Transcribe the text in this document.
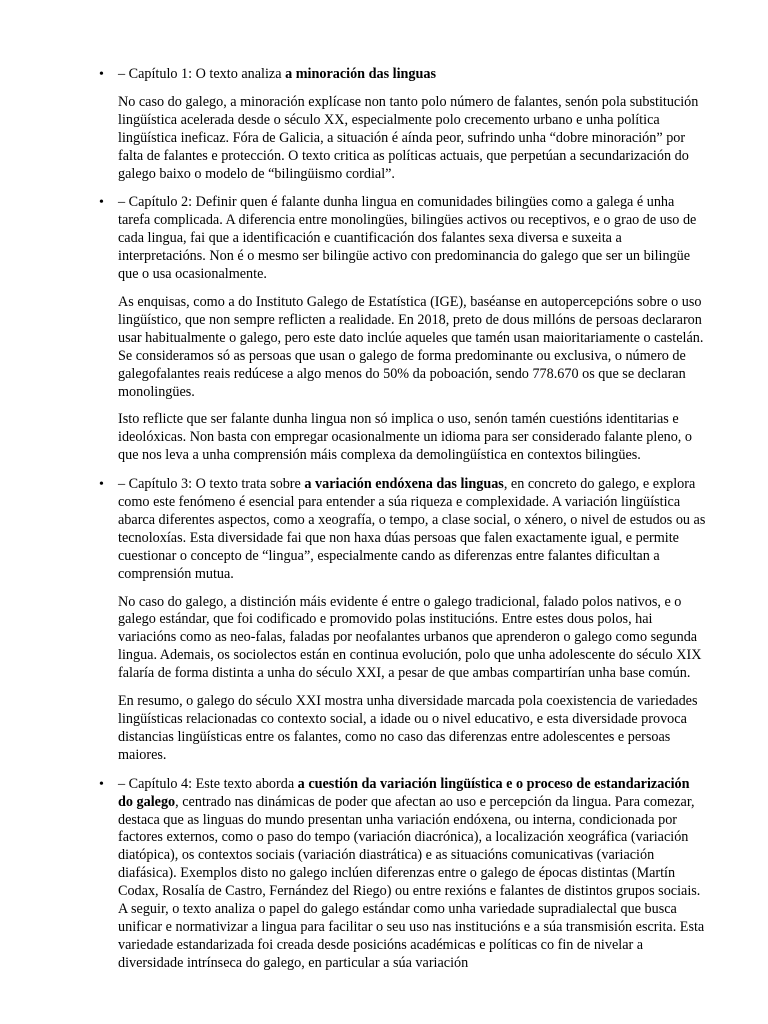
• – Capítulo 1: O texto analiza a minoración das linguas

No caso do galego, a minoración explícase non tanto polo número de falantes, senón pola substitución lingüística acelerada desde o século XX, especialmente polo crecemento urbano e unha política lingüística ineficaz. Fóra de Galicia, a situación é aínda peor, sufrindo unha “dobre minoración” por falta de falantes e protección. O texto critica as políticas actuais, que perpetúan a secundarización do galego baixo o modelo de “bilingüismo cordial”.

• – Capítulo 2: Definir quen é falante dunha lingua en comunidades bilingües como a galega é unha tarefa complicada. A diferencia entre monolingües, bilingües activos ou receptivos, e o grao de uso de cada lingua, fai que a identificación e cuantificación dos falantes sexa diversa e suxeita a interpretacións. Non é o mesmo ser bilingüe activo con predominancia do galego que ser un bilingüe que o usa ocasionalmente.

As enquisas, como a do Instituto Galego de Estatística (IGE), baséanse en autopercepcións sobre o uso lingüístico, que non sempre reflicten a realidade. En 2018, preto de dous millóns de persoas declararon usar habitualmente o galego, pero este dato inclúe aqueles que tamén usan maioritariamente o castelán. Se consideramos só as persoas que usan o galego de forma predominante ou exclusiva, o número de galegofalantes reais redúcese a algo menos do 50% da poboación, sendo 778.670 os que se declaran monolingües.

Isto reflicte que ser falante dunha lingua non só implica o uso, senón tamén cuestións identitarias e ideolóxicas. Non basta con empregar ocasionalmente un idioma para ser considerado falante pleno, o que nos leva a unha comprensión máis complexa da demolingüística en contextos bilingües.

• – Capítulo 3: O texto trata sobre a variación endóxena das linguas, en concreto do galego, e explora como este fenómeno é esencial para entender a súa riqueza e complexidade. A variación lingüística abarca diferentes aspectos, como a xeografía, o tempo, a clase social, o xénero, o nivel de estudos ou as tecnoloxías. Esta diversidade fai que non haxa dúas persoas que falen exactamente igual, e permite cuestionar o concepto de “lingua”, especialmente cando as diferenzas entre falantes dificultan a comprensión mutua.

No caso do galego, a distinción máis evidente é entre o galego tradicional, falado polos nativos, e o galego estándar, que foi codificado e promovido polas institucións. Entre estes dous polos, hai variacións como as neo-falas, faladas por neofalantes urbanos que aprenderon o galego como segunda lingua. Ademais, os sociolectos están en continua evolución, polo que unha adolescente do século XIX falaría de forma distinta a unha do século XXI, a pesar de que ambas compartirían unha base común.

En resumo, o galego do século XXI mostra unha diversidade marcada pola coexistencia de variedades lingüísticas relacionadas co contexto social, a idade ou o nivel educativo, e esta diversidade provoca distancias lingüísticas entre os falantes, como no caso das diferenzas entre adolescentes e persoas maiores.

• – Capítulo 4: Este texto aborda a cuestión da variación lingüística e o proceso de estandarización do galego, centrado nas dinámicas de poder que afectan ao uso e percepción da lingua. Para comezar, destaca que as linguas do mundo presentan unha variación endóxena, ou interna, condicionada por factores externos, como o paso do tempo (variación diacrónica), a localización xeográfica (variación diatópica), os contextos sociais (variación diastrática) e as situacións comunicativas (variación diafásica). Exemplos disto no galego inclúen diferenzas entre o galego de épocas distintas (Martín Codax, Rosalía de Castro, Fernández del Riego) ou entre rexións e falantes de distintos grupos sociais. A seguir, o texto analiza o papel do galego estándar como unha variedade supradialectal que busca unificar e normativizar a lingua para facilitar o seu uso nas institucións e a súa transmisión escrita. Esta variedade estandarizada foi creada desde posicións académicas e políticas co fin de nivelar a diversidade intrínseca do galego, en particular a súa variación
